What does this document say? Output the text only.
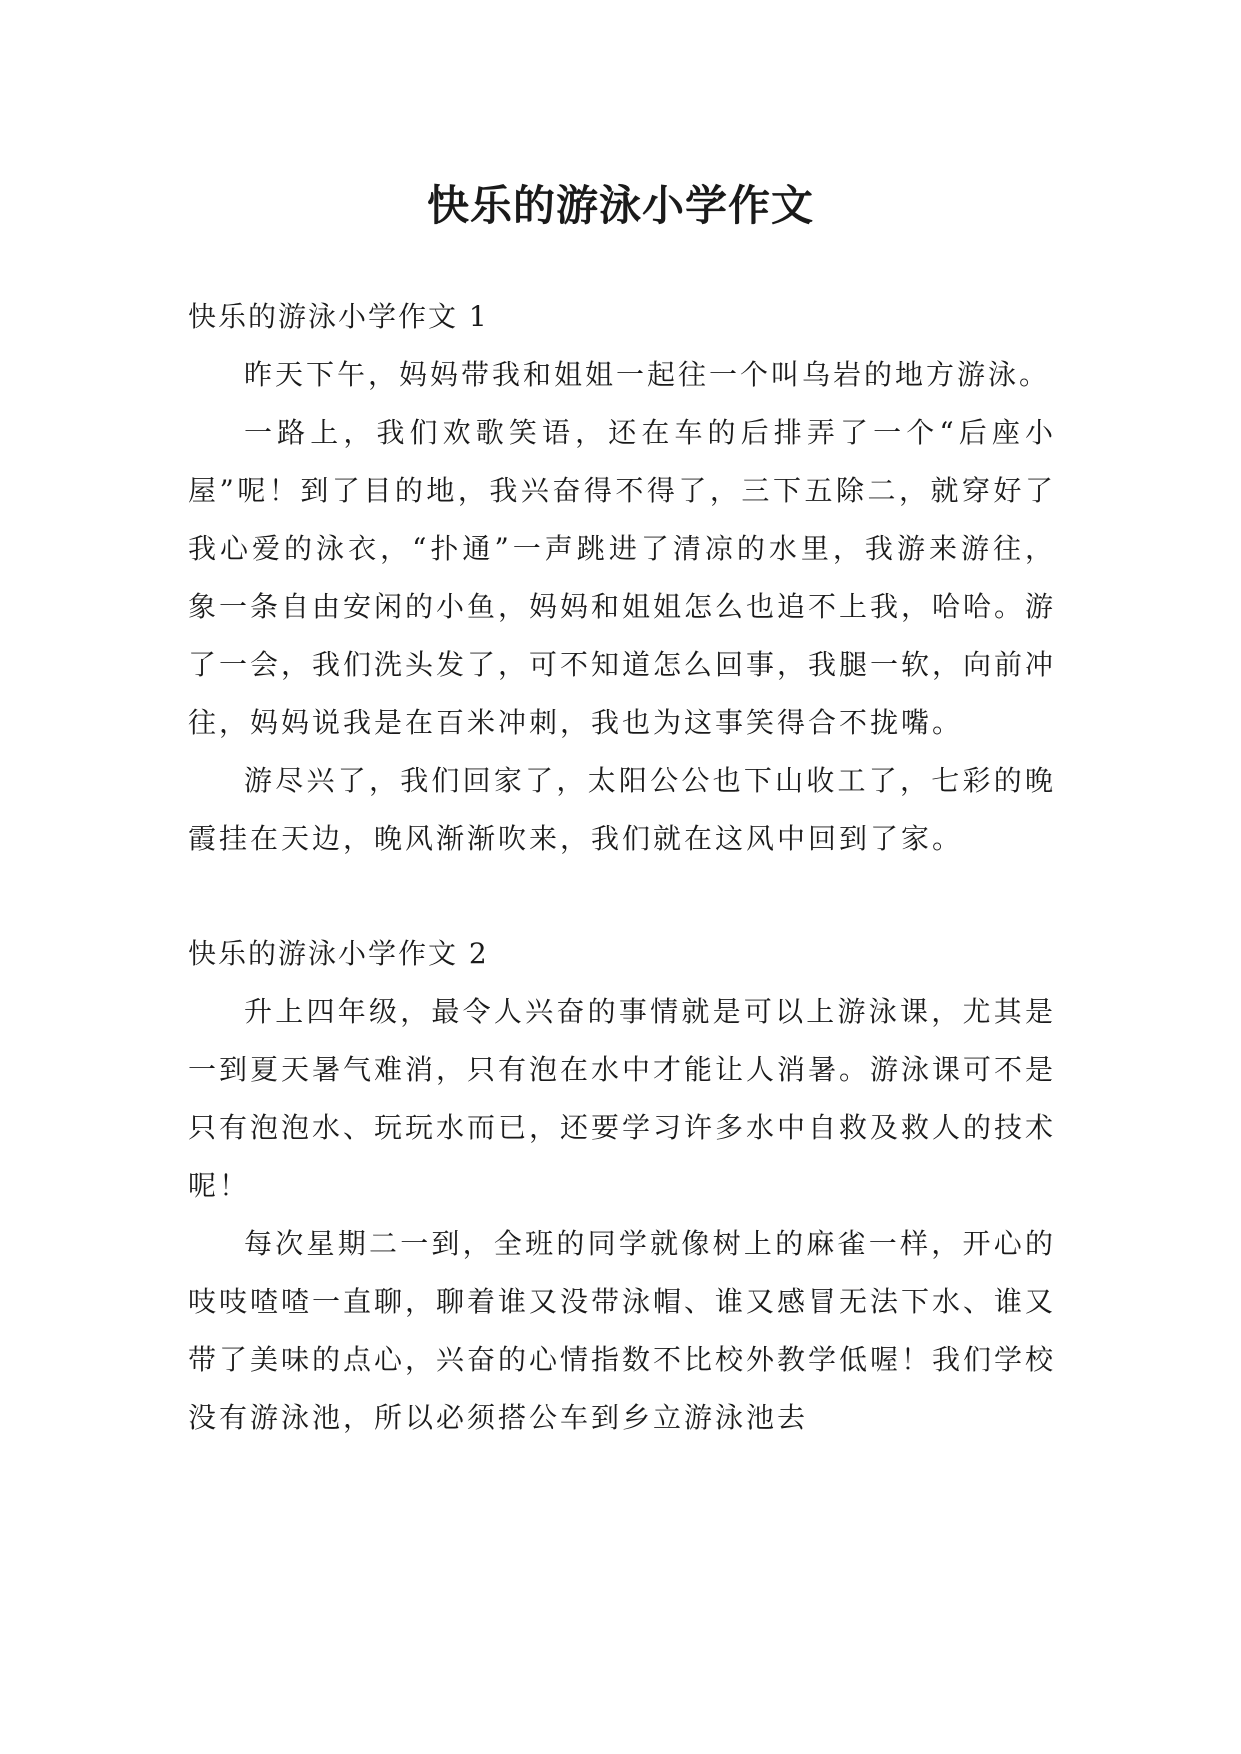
快乐的游泳小学作文

快乐的游泳小学作文 1

昨天下午，妈妈带我和姐姐一起往一个叫乌岩的地方游泳。

一路上，我们欢歌笑语，还在车的后排弄了一个“后座小屋”呢！到了目的地，我兴奋得不得了，三下五除二，就穿好了我心爱的泳衣，“扑通”一声跳进了清凉的水里，我游来游往，象一条自由安闲的小鱼，妈妈和姐姐怎么也追不上我，哈哈。游了一会，我们洗头发了，可不知道怎么回事，我腿一软，向前冲往，妈妈说我是在百米冲刺，我也为这事笑得合不拢嘴。

游尽兴了，我们回家了，太阳公公也下山收工了，七彩的晚霞挂在天边，晚风渐渐吹来，我们就在这风中回到了家。

快乐的游泳小学作文 2

升上四年级，最令人兴奋的事情就是可以上游泳课，尤其是一到夏天暑气难消，只有泡在水中才能让人消暑。游泳课可不是只有泡泡水、玩玩水而已，还要学习许多水中自救及救人的技术呢！

每次星期二一到，全班的同学就像树上的麻雀一样，开心的吱吱喳喳一直聊，聊着谁又没带泳帽、谁又感冒无法下水、谁又带了美味的点心，兴奋的心情指数不比校外教学低喔！我们学校没有游泳池，所以必须搭公车到乡立游泳池去
